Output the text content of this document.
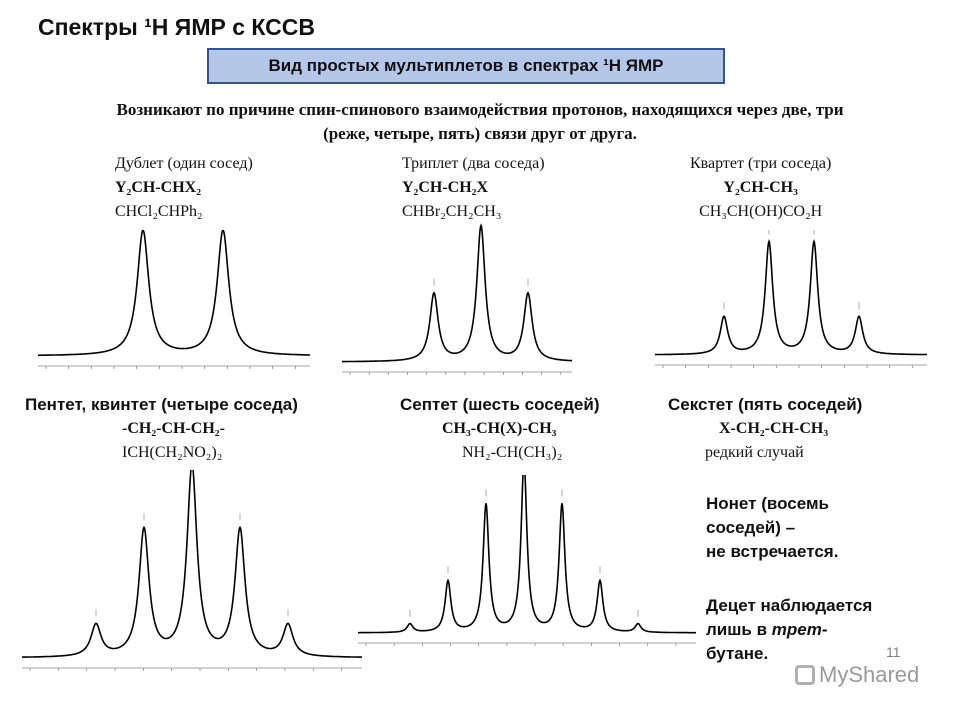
Спектры ¹Н ЯМР с КССВ
Вид простых мультиплетов в спектрах ¹Н ЯМР
Возникают по причине спин-спинового взаимодействия протонов, находящихся через две, три
(реже, четыре, пять) связи друг от друга.
Дублет (один сосед)
Y₂CH-CHX₂
CHCl₂CHPh₂
Триплет (два соседа)
Y₂CH-CH₂X
CHBr₂CH₂CH₃
Квартет (три соседа)
Y₂CH-CH₃
CH₃CH(OH)CO₂H
Пентет, квинтет (четыре соседа)
-CH₂-CH-CH₂-
ICH(CH₂NO₂)₂
Септет (шесть соседей)
CH₃-CH(X)-CH₃
NH₂-CH(CH₃)₂
Секстет (пять соседей)
X-CH₂-CH-CH₃
редкий случай
Нонет (восемь
соседей) –
не встречается.
Децет наблюдается
лишь в трет-
бутане.	11
MyShared
